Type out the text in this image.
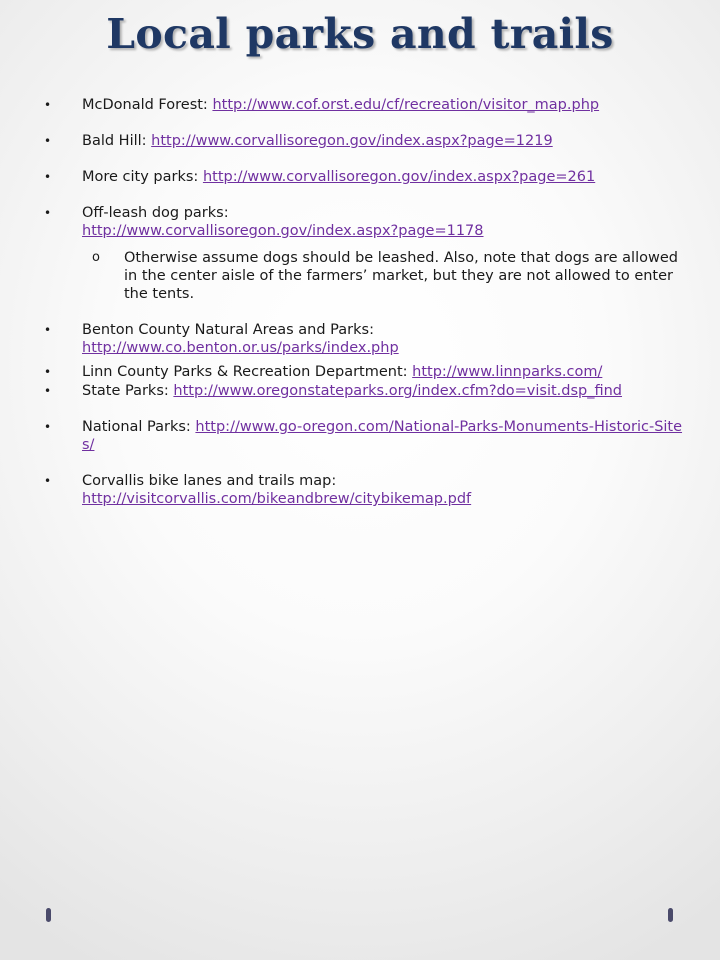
Local parks and trails
•	McDonald Forest: http://www.cof.orst.edu/cf/recreation/visitor_map.php
•	Bald Hill: http://www.corvallisoregon.gov/index.aspx?page=1219
•	More city parks: http://www.corvallisoregon.gov/index.aspx?page=261
•	Off-leash dog parks:
http://www.corvallisoregon.gov/index.aspx?page=1178
o Otherwise assume dogs should be leashed. Also, note that dogs are allowed in the center aisle of the farmers’ market, but they are not allowed to enter the tents.
•	Benton County Natural Areas and Parks:
http://www.co.benton.or.us/parks/index.php
•	Linn County Parks & Recreation Department: http://www.linnparks.com/
•	State Parks: http://www.oregonstateparks.org/index.cfm?do=visit.dsp_find
•	National Parks: http://www.go-oregon.com/National-Parks-Monuments-Historic-Sites/
•	Corvallis bike lanes and trails map:
http://visitcorvallis.com/bikeandbrew/citybikemap.pdf
